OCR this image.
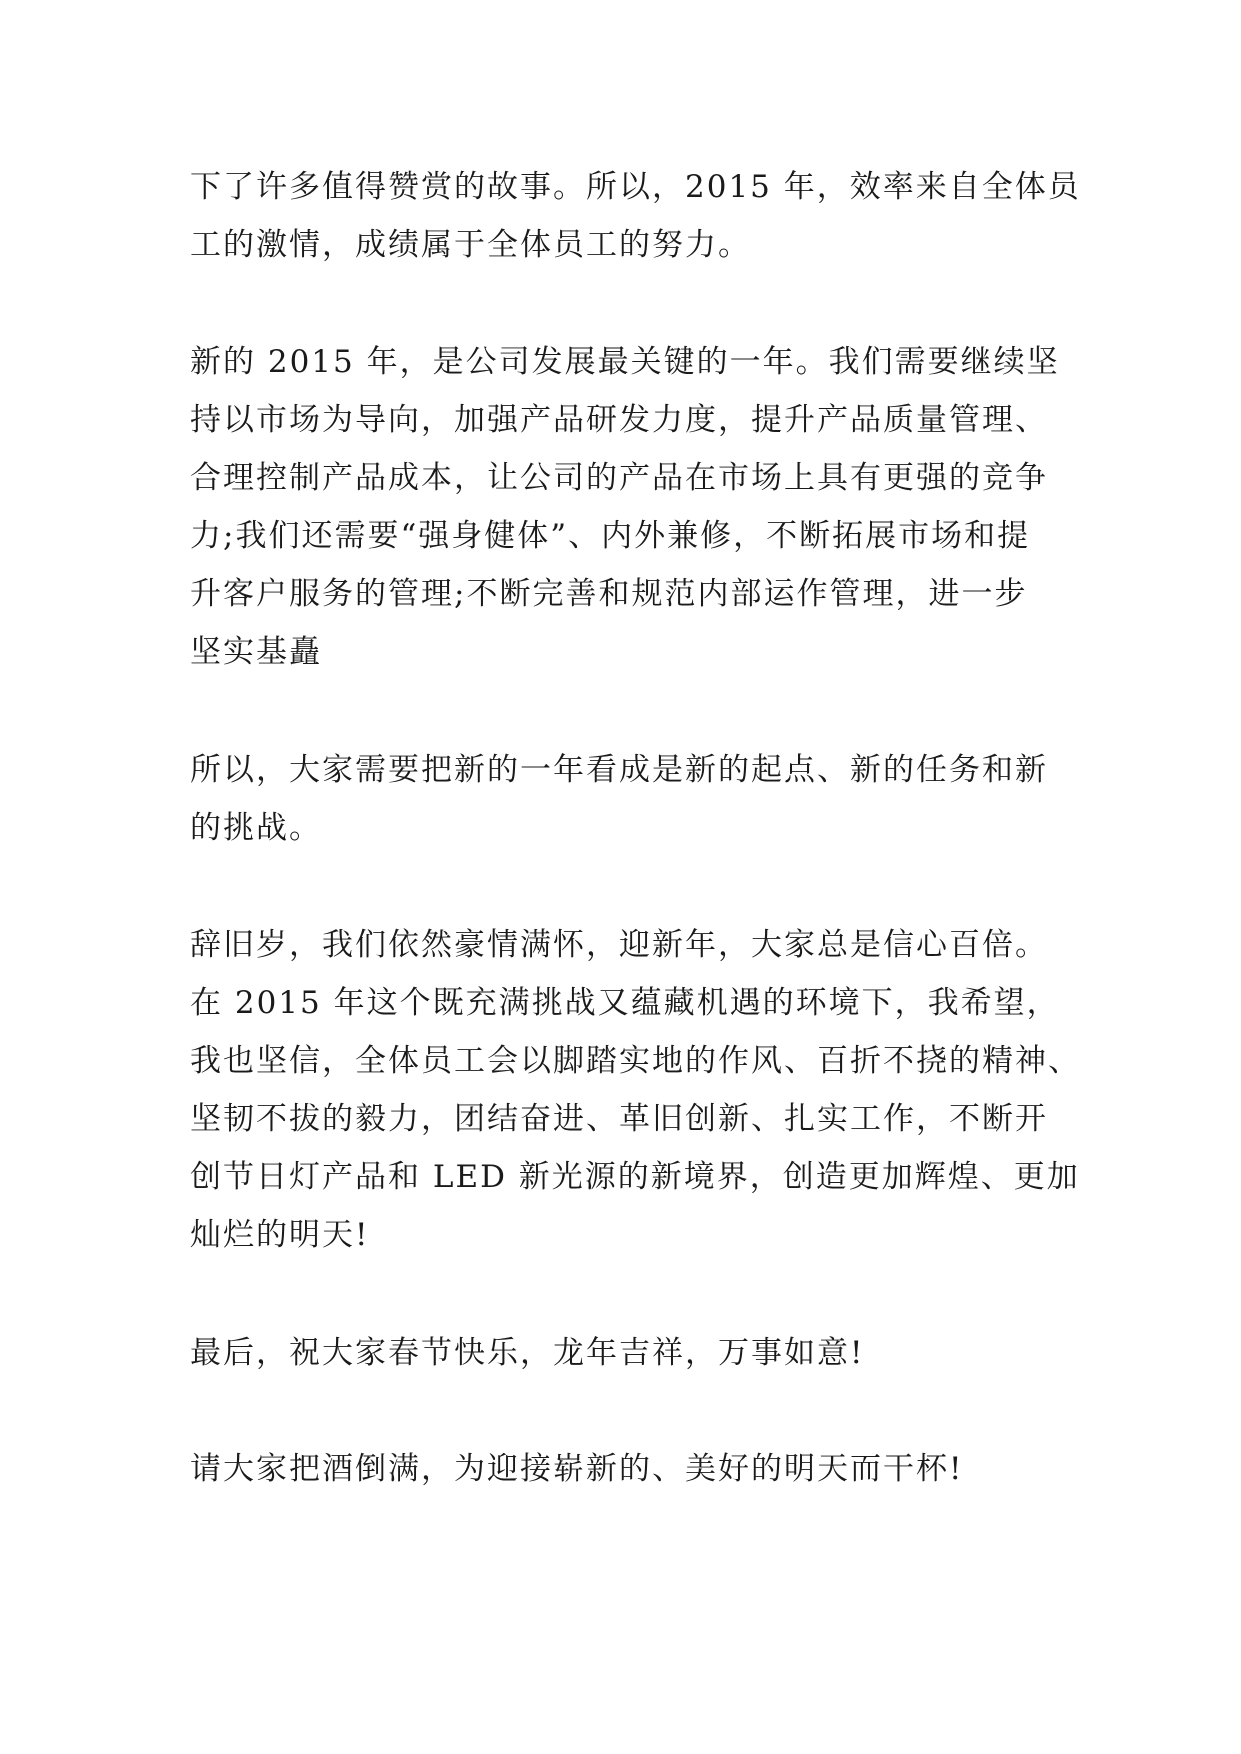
下了许多值得赞赏的故事。所以，2015 年，效率来自全体员
工的激情，成绩属于全体员工的努力。
新的 2015 年，是公司发展最关键的一年。我们需要继续坚
持以市场为导向，加强产品研发力度，提升产品质量管理、
合理控制产品成本，让公司的产品在市场上具有更强的竞争
力;我们还需要“强身健体”、内外兼修，不断拓展市场和提
升客户服务的管理;不断完善和规范内部运作管理，进一步
坚实基矗
所以，大家需要把新的一年看成是新的起点、新的任务和新
的挑战。
辞旧岁，我们依然豪情满怀，迎新年，大家总是信心百倍。
在 2015 年这个既充满挑战又蕴藏机遇的环境下，我希望，
我也坚信，全体员工会以脚踏实地的作风、百折不挠的精神、
坚韧不拔的毅力，团结奋进、革旧创新、扎实工作，不断开
创节日灯产品和 LED 新光源的新境界，创造更加辉煌、更加
灿烂的明天!
最后，祝大家春节快乐，龙年吉祥，万事如意!
请大家把酒倒满，为迎接崭新的、美好的明天而干杯!
